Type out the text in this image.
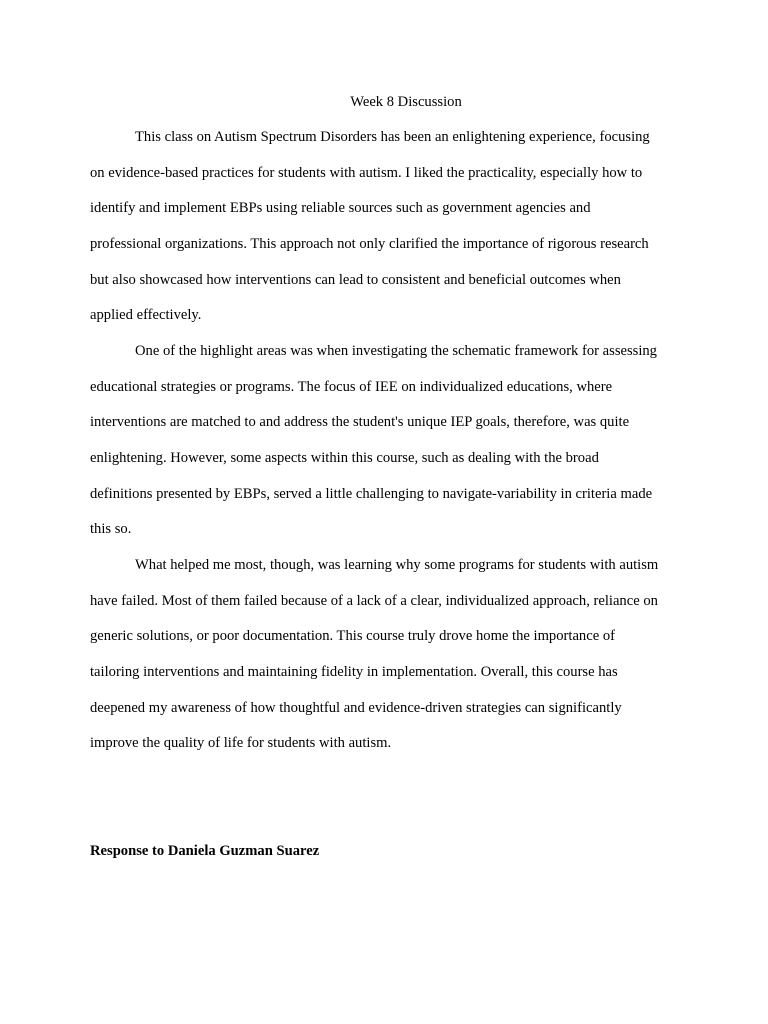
Week 8 Discussion

This class on Autism Spectrum Disorders has been an enlightening experience, focusing
on evidence-based practices for students with autism. I liked the practicality, especially how to
identify and implement EBPs using reliable sources such as government agencies and
professional organizations. This approach not only clarified the importance of rigorous research
but also showcased how interventions can lead to consistent and beneficial outcomes when
applied effectively.

One of the highlight areas was when investigating the schematic framework for assessing
educational strategies or programs. The focus of IEE on individualized educations, where
interventions are matched to and address the student's unique IEP goals, therefore, was quite
enlightening. However, some aspects within this course, such as dealing with the broad
definitions presented by EBPs, served a little challenging to navigate-variability in criteria made
this so.

What helped me most, though, was learning why some programs for students with autism
have failed. Most of them failed because of a lack of a clear, individualized approach, reliance on
generic solutions, or poor documentation. This course truly drove home the importance of
tailoring interventions and maintaining fidelity in implementation. Overall, this course has
deepened my awareness of how thoughtful and evidence-driven strategies can significantly
improve the quality of life for students with autism.

Response to Daniela Guzman Suarez
